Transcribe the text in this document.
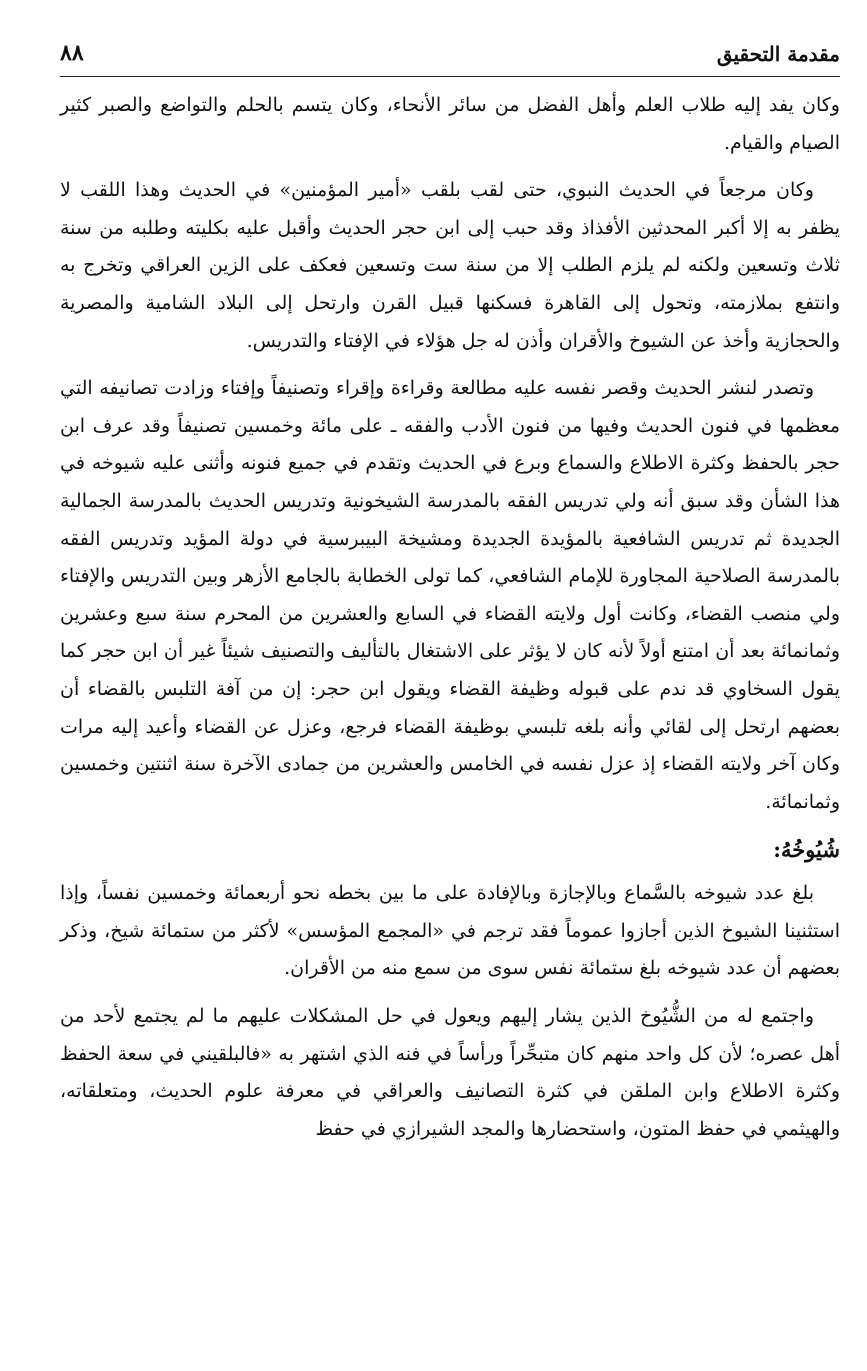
مقدمة التحقيق
٨٨

وكان يفد إليه طلاب العلم وأهل الفضل من سائر الأنحاء، وكان يتسم بالحلم والتواضع والصبر كثير الصيام والقيام.

وكان مرجعاً في الحديث النبوي، حتى لقب بلقب «أمير المؤمنين» في الحديث وهذا اللقب لا يظفر به إلا أكبر المحدثين الأفذاذ وقد حبب إلى ابن حجر الحديث وأقبل عليه بكليته وطلبه من سنة ثلاث وتسعين ولكنه لم يلزم الطلب إلا من سنة ست وتسعين فعكف على الزين العراقي وتخرج به وانتفع بملازمته، وتحول إلى القاهرة فسكنها قبيل القرن وارتحل إلى البلاد الشامية والمصرية والحجازية وأخذ عن الشيوخ والأقران وأذن له جل هؤلاء في الإفتاء والتدريس.

وتصدر لنشر الحديث وقصر نفسه عليه مطالعة وقراءة وإقراء وتصنيفاً وإفتاء وزادت تصانيفه التي معظمها في فنون الحديث وفيها من فنون الأدب والفقه ـ على مائة وخمسين تصنيفاً وقد عرف ابن حجر بالحفظ وكثرة الاطلاع والسماع وبرع في الحديث وتقدم في جميع فنونه وأثنى عليه شيوخه في هذا الشأن وقد سبق أنه ولي تدريس الفقه بالمدرسة الشيخونية وتدريس الحديث بالمدرسة الجمالية الجديدة ثم تدريس الشافعية بالمؤيدة الجديدة ومشيخة البيبرسية في دولة المؤيد وتدريس الفقه بالمدرسة الصلاحية المجاورة للإمام الشافعي، كما تولى الخطابة بالجامع الأزهر وبين التدريس والإفتاء ولي منصب القضاء، وكانت أول ولايته القضاء في السابع والعشرين من المحرم سنة سبع وعشرين وثمانمائة بعد أن امتنع أولاً لأنه كان لا يؤثر على الاشتغال بالتأليف والتصنيف شيئاً غير أن ابن حجر كما يقول السخاوي قد ندم على قبوله وظيفة القضاء ويقول ابن حجر: إن من آفة التلبس بالقضاء أن بعضهم ارتحل إلى لقائي وأنه بلغه تلبسي بوظيفة القضاء فرجع، وعزل عن القضاء وأعيد إليه مرات وكان آخر ولايته القضاء إذ عزل نفسه في الخامس والعشرين من جمادى الآخرة سنة اثنتين وخمسين وثمانمائة.

شُيُوخُهُ:

بلغ عدد شيوخه بالسَّماع وبالإجازة وبالإفادة على ما بين بخطه نحو أربعمائة وخمسين نفساً، وإذا استثنينا الشيوخ الذين أجازوا عموماً فقد ترجم في «المجمع المؤسس» لأكثر من ستمائة شيخ، وذكر بعضهم أن عدد شيوخه بلغ ستمائة نفس سوى من سمع منه من الأقران.

واجتمع له من الشُّيُوخ الذين يشار إليهم ويعول في حل المشكلات عليهم ما لم يجتمع لأحد من أهل عصره؛ لأن كل واحد منهم كان متبحِّراً ورأساً في فنه الذي اشتهر به «فالبلقيني في سعة الحفظ وكثرة الاطلاع وابن الملقن في كثرة التصانيف والعراقي في معرفة علوم الحديث، ومتعلقاته، والهيثمي في حفظ المتون، واستحضارها والمجد الشيرازي في حفظ
